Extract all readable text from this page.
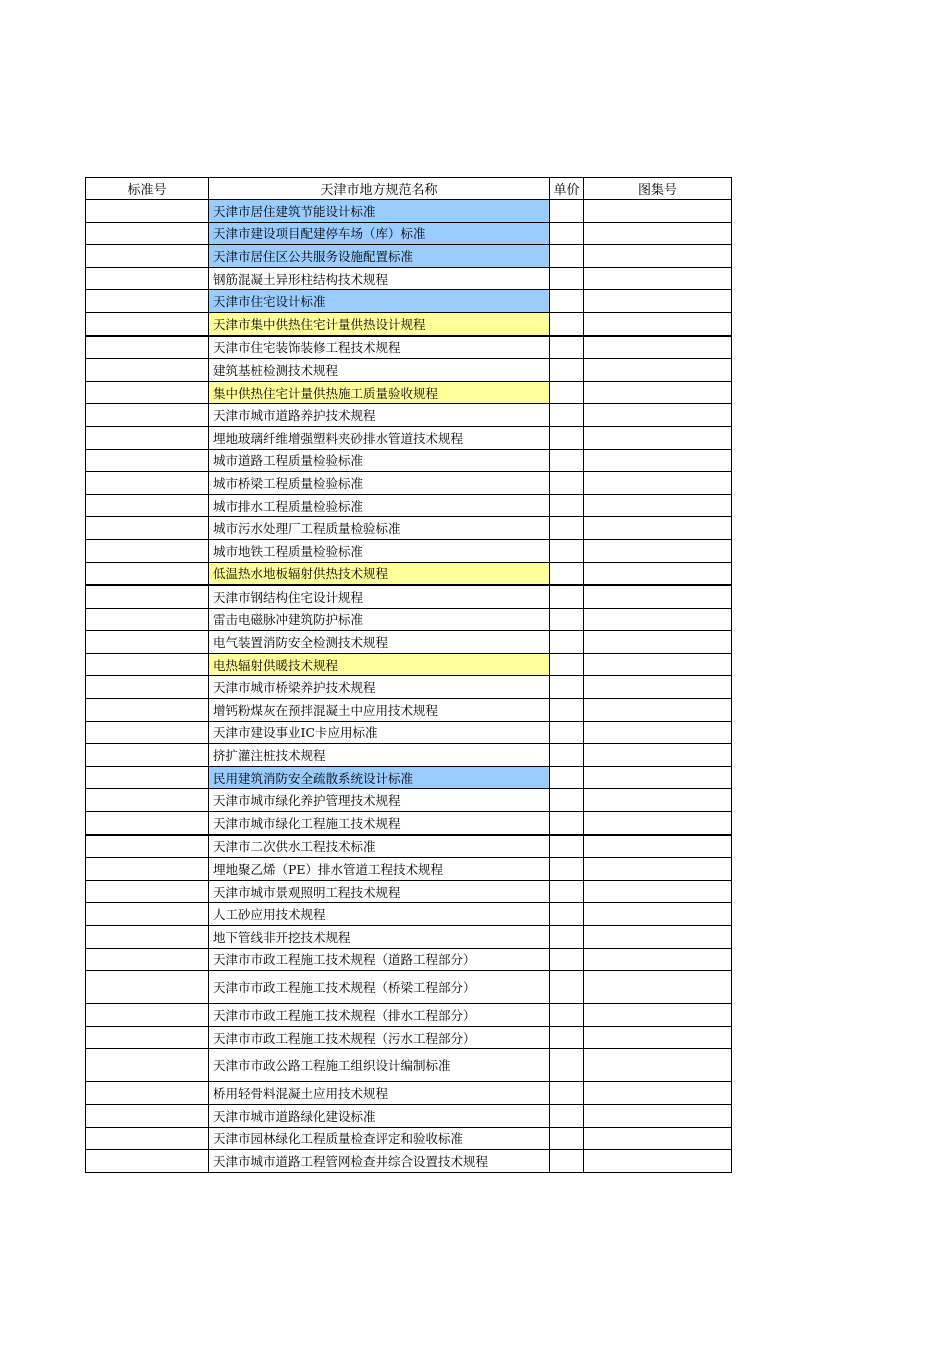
标准号	天津市地方规范名称	单价	图集号
	天津市居住建筑节能设计标准		
	天津市建设项目配建停车场（库）标准		
	天津市居住区公共服务设施配置标准		
	钢筋混凝土异形柱结构技术规程		
	天津市住宅设计标准		
	天津市集中供热住宅计量供热设计规程		
	天津市住宅装饰装修工程技术规程		
	建筑基桩检测技术规程		
	集中供热住宅计量供热施工质量验收规程		
	天津市城市道路养护技术规程		
	埋地玻璃纤维增强塑料夹砂排水管道技术规程		
	城市道路工程质量检验标准		
	城市桥梁工程质量检验标准		
	城市排水工程质量检验标准		
	城市污水处理厂工程质量检验标准		
	城市地铁工程质量检验标准		
	低温热水地板辐射供热技术规程		
	天津市钢结构住宅设计规程		
	雷击电磁脉冲建筑防护标准		
	电气装置消防安全检测技术规程		
	电热辐射供暖技术规程		
	天津市城市桥梁养护技术规程		
	增钙粉煤灰在预拌混凝土中应用技术规程		
	天津市建设事业IC卡应用标准		
	挤扩灌注桩技术规程		
	民用建筑消防安全疏散系统设计标准		
	天津市城市绿化养护管理技术规程		
	天津市城市绿化工程施工技术规程		
	天津市二次供水工程技术标准		
	埋地聚乙烯（PE）排水管道工程技术规程		
	天津市城市景观照明工程技术规程		
	人工砂应用技术规程		
	地下管线非开挖技术规程		
	天津市市政工程施工技术规程（道路工程部分）		
	天津市市政工程施工技术规程（桥梁工程部分）		
	天津市市政工程施工技术规程（排水工程部分）		
	天津市市政工程施工技术规程（污水工程部分）		
	天津市市政公路工程施工组织设计编制标准		
	桥用轻骨料混凝土应用技术规程		
	天津市城市道路绿化建设标准		
	天津市园林绿化工程质量检查评定和验收标准		
	天津市城市道路工程管网检查井综合设置技术规程		
